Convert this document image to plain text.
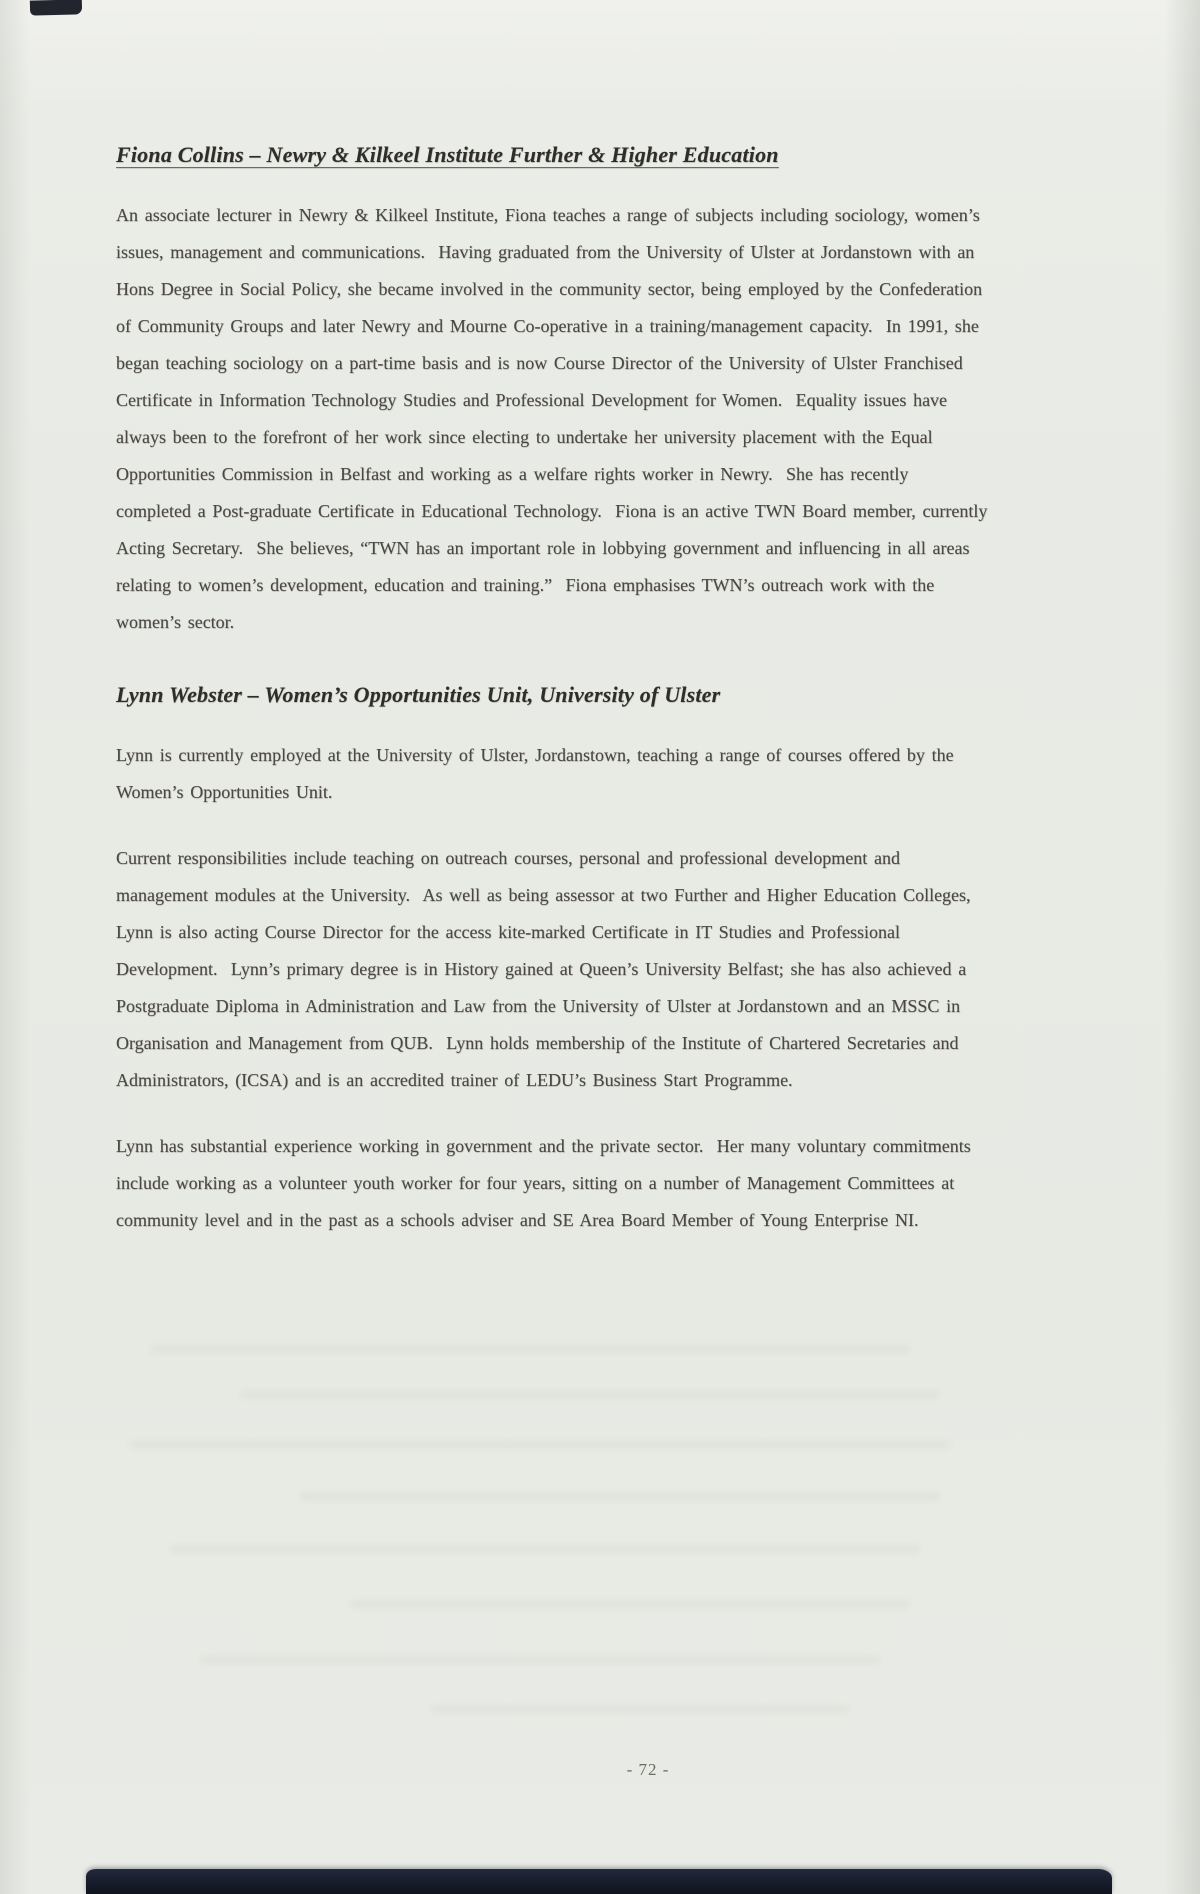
Fiona Collins – Newry & Kilkeel Institute Further & Higher Education

An associate lecturer in Newry & Kilkeel Institute, Fiona teaches a range of subjects including sociology, women’s issues, management and communications.  Having graduated from the University of Ulster at Jordanstown with an Hons Degree in Social Policy, she became involved in the community sector, being employed by the Confederation of Community Groups and later Newry and Mourne Co-operative in a training/management capacity.  In 1991, she began teaching sociology on a part-time basis and is now Course Director of the University of Ulster Franchised Certificate in Information Technology Studies and Professional Development for Women.  Equality issues have always been to the forefront of her work since electing to undertake her university placement with the Equal Opportunities Commission in Belfast and working as a welfare rights worker in Newry.  She has recently completed a Post-graduate Certificate in Educational Technology.  Fiona is an active TWN Board member, currently Acting Secretary.  She believes, “TWN has an important role in lobbying government and influencing in all areas relating to women’s development, education and training.”  Fiona emphasises TWN’s outreach work with the women’s sector.

Lynn Webster – Women’s Opportunities Unit, University of Ulster

Lynn is currently employed at the University of Ulster, Jordanstown, teaching a range of courses offered by the Women’s Opportunities Unit.

Current responsibilities include teaching on outreach courses, personal and professional development and management modules at the University.  As well as being assessor at two Further and Higher Education Colleges, Lynn is also acting Course Director for the access kite-marked Certificate in IT Studies and Professional Development.  Lynn’s primary degree is in History gained at Queen’s University Belfast; she has also achieved a Postgraduate Diploma in Administration and Law from the University of Ulster at Jordanstown and an MSSC in Organisation and Management from QUB.  Lynn holds membership of the Institute of Chartered Secretaries and Administrators, (ICSA) and is an accredited trainer of LEDU’s Business Start Programme.

Lynn has substantial experience working in government and the private sector.  Her many voluntary commitments include working as a volunteer youth worker for four years, sitting on a number of Management Committees at community level and in the past as a schools adviser and SE Area Board Member of Young Enterprise NI.

- 72 -
